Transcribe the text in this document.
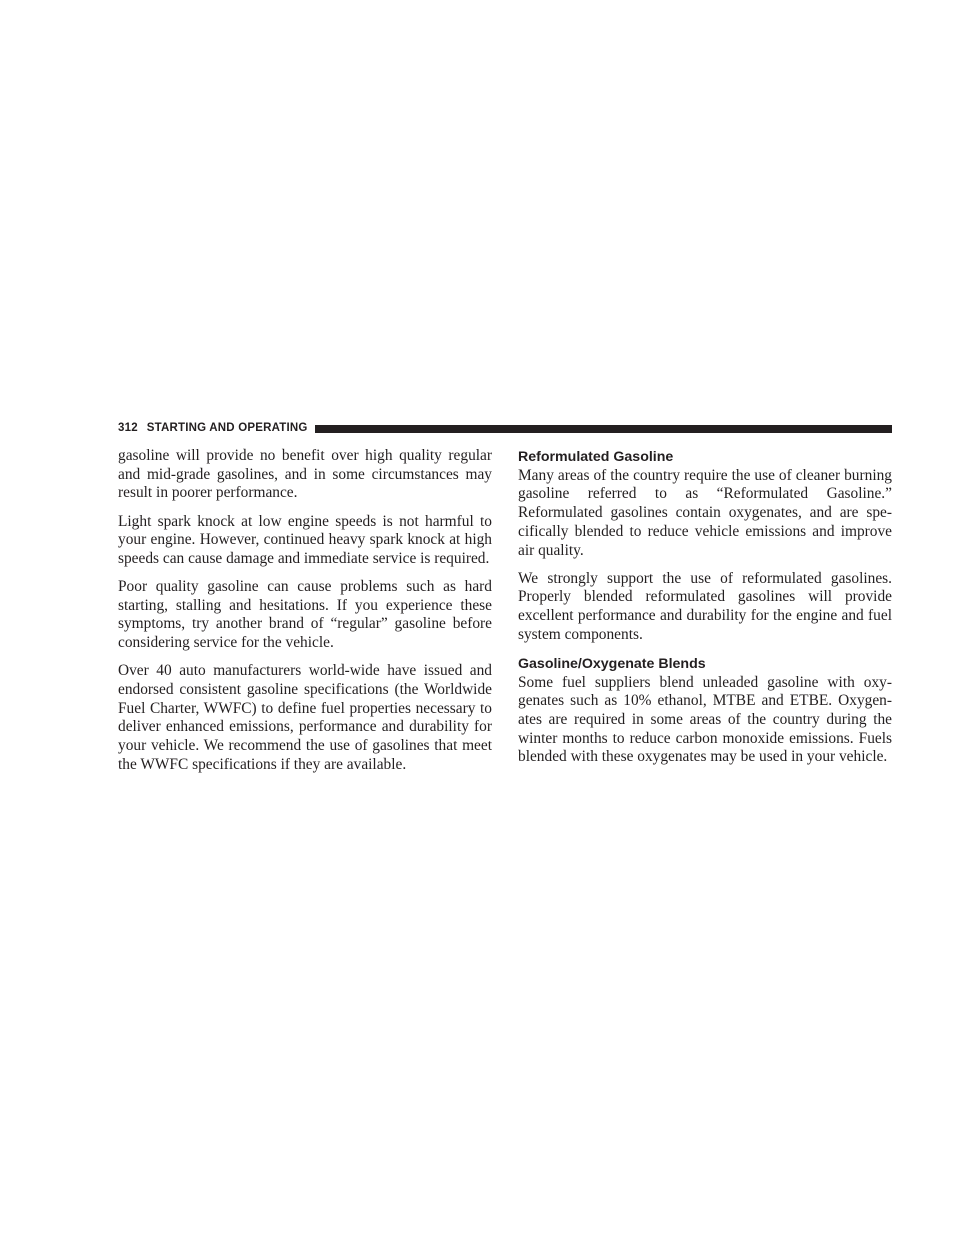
312 STARTING AND OPERATING

gasoline will provide no benefit over high quality regular and mid-grade gasolines, and in some circumstances may result in poorer performance.

Light spark knock at low engine speeds is not harmful to your engine. However, continued heavy spark knock at high speeds can cause damage and immediate service is required.

Poor quality gasoline can cause problems such as hard starting, stalling and hesitations. If you experience these symptoms, try another brand of “regular” gasoline before considering service for the vehicle.

Over 40 auto manufacturers world-wide have issued and endorsed consistent gasoline specifications (the Worldwide Fuel Charter, WWFC) to define fuel properties necessary to deliver enhanced emissions, performance and durability for your vehicle. We recommend the use of gasolines that meet the WWFC specifications if they are available.

Reformulated Gasoline

Many areas of the country require the use of cleaner burning gasoline referred to as “Reformulated Gasoline.” Reformulated gasolines contain oxygenates, and are specifically blended to reduce vehicle emissions and improve air quality.

We strongly support the use of reformulated gasolines. Properly blended reformulated gasolines will provide excellent performance and durability for the engine and fuel system components.

Gasoline/Oxygenate Blends

Some fuel suppliers blend unleaded gasoline with oxygenates such as 10% ethanol, MTBE and ETBE. Oxygenates are required in some areas of the country during the winter months to reduce carbon monoxide emissions. Fuels blended with these oxygenates may be used in your vehicle.
